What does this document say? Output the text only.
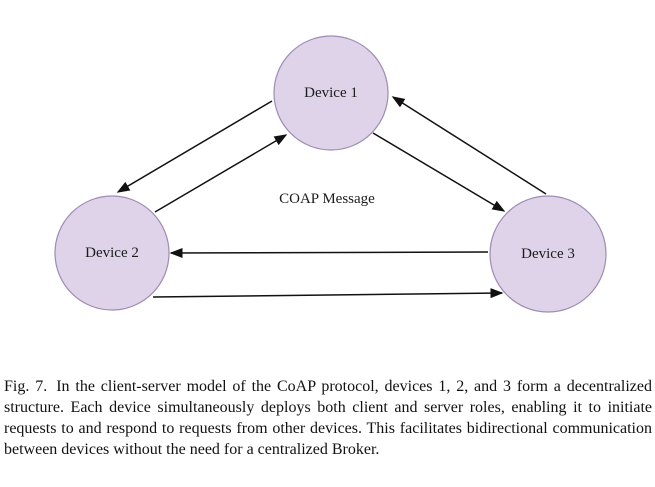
Device 1
Device 2	Device 3
COAP Message

Fig. 7. In the client-server model of the CoAP protocol, devices 1, 2, and 3 form a decentralized structure. Each device simultaneously deploys both client and server roles, enabling it to initiate requests to and respond to requests from other devices. This facilitates bidirectional communication between devices without the need for a centralized Broker.
